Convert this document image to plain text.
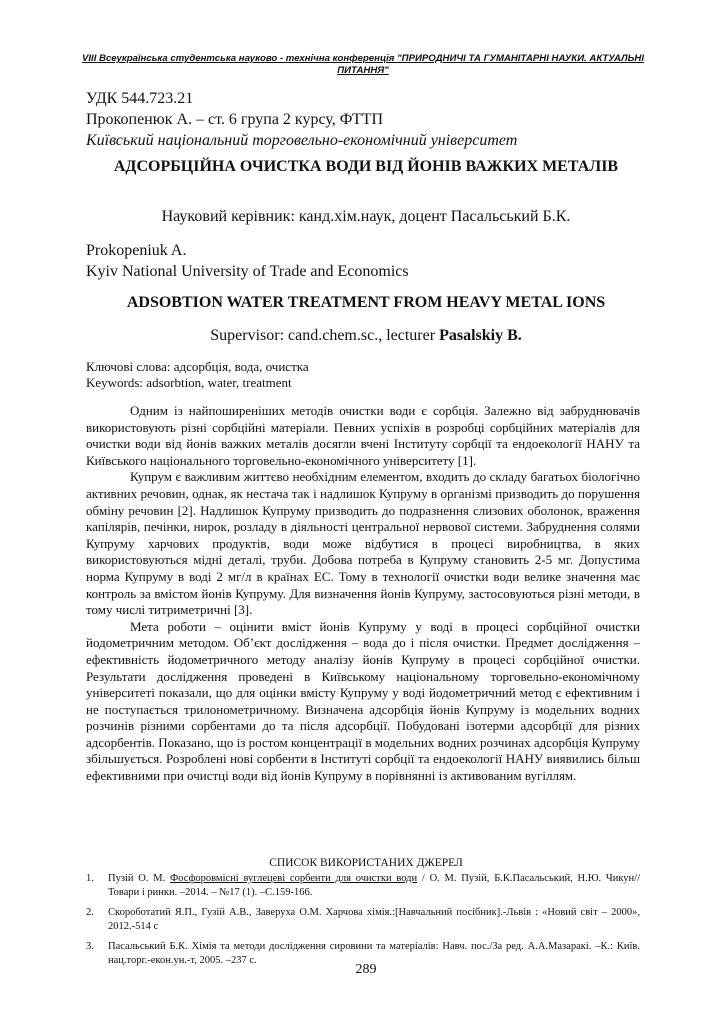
VIII Всеукраїнська студентська науково - технічна конференція "ПРИРОДНИЧІ ТА ГУМАНІТАРНІ НАУКИ. АКТУАЛЬНІ ПИТАННЯ"
УДК 544.723.21
Прокопенюк А. – ст. 6 група 2 курсу, ФТТП
Київський національний торговельно-економічний університет
АДСОРБЦІЙНА ОЧИСТКА ВОДИ ВІД ЙОНІВ ВАЖКИХ МЕТАЛІВ
Науковий керівник: канд.хім.наук, доцент Пасальський Б.К.
Prokopeniuk A.
Kyiv National University of Trade and Economics
ADSOBTION WATER TREATMENT FROM HEAVY METAL IONS
Supervisor: cand.chem.sc., lecturer Pasalskiy B.
Ключові слова: адсорбція, вода, очистка
Keywords: adsorbtion, water, treatment

Одним із найпоширеніших методів очистки води є сорбція. Залежно від забруднювачів використовують різні сорбційні матеріали. Певних успіхів в розробці сорбційних матеріалів для очистки води від йонів важких металів досягли вчені Інституту сорбції та ендоекології НАНУ та Київського національного торговельно-економічного університету [1].

Купрум є важливим життєво необхідним елементом, входить до складу багатьох біологічно активних речовин, однак, як нестача так і надлишок Купруму в організмі призводить до порушення обміну речовин [2]. Надлишок Купруму призводить до подразнення слизових оболонок, враження капілярів, печінки, нирок, розладу в діяльності центральної нервової системи. Забруднення солями Купруму харчових продуктів, води може відбутися в процесі виробництва, в яких використовуються мідні деталі, труби. Добова потреба в Купруму становить 2-5 мг. Допустима норма Купруму в воді 2 мг/л в країнах ЕС. Тому в технології очистки води велике значення має контроль за вмістом йонів Купруму. Для визначення йонів Купруму, застосовуються різні методи, в тому числі титриметричні [3].

Мета роботи – оцінити вміст йонів Купруму у воді в процесі сорбційної очистки йодометричним методом. Об’єкт дослідження – вода до і після очистки. Предмет дослідження – ефективність йодометричного методу аналізу йонів Купруму в процесі сорбційної очистки. Результати дослідження проведені в Київському національному торговельно-економічному університеті показали, що для оцінки вмісту Купруму у воді йодометричний метод є ефективним і не поступається трилонометричному. Визначена адсорбція йонів Купруму із модельних водних розчинів різними сорбентами до та після адсорбції. Побудовані ізотерми адсорбції для різних адсорбентів. Показано, що із ростом концентрації в модельних водних розчинах адсорбція Купруму збільшується. Розроблені нові сорбенти в Інституті сорбції та ендоекології НАНУ виявились більш ефективними при очистці води від йонів Купруму в порівнянні із активованим вугіллям.

СПИСОК ВИКОРИСТАНИХ ДЖЕРЕЛ
1. Пузій О. М. Фосфоровмісні вуглецеві сорбенти для очистки води / О. М. Пузій, Б.К.Пасальський, Н.Ю. Чикун// Товари і ринки. –2014. – №17 (1). –С.159-166.
2. Скороботатий Я.П., Гузій А.В., Заверуха О.М. Харчова хімія.:[Навчальний посібник].-Львів : «Новий світ – 2000», 2012.-514 с
3. Пасальський Б.К. Хімія та методи дослідження сировини та матеріалів: Навч. пос./За ред. А.А.Мазаракі. –К.: Київ. нац.торг.-екон.ун.-т, 2005. –237 с.
289
